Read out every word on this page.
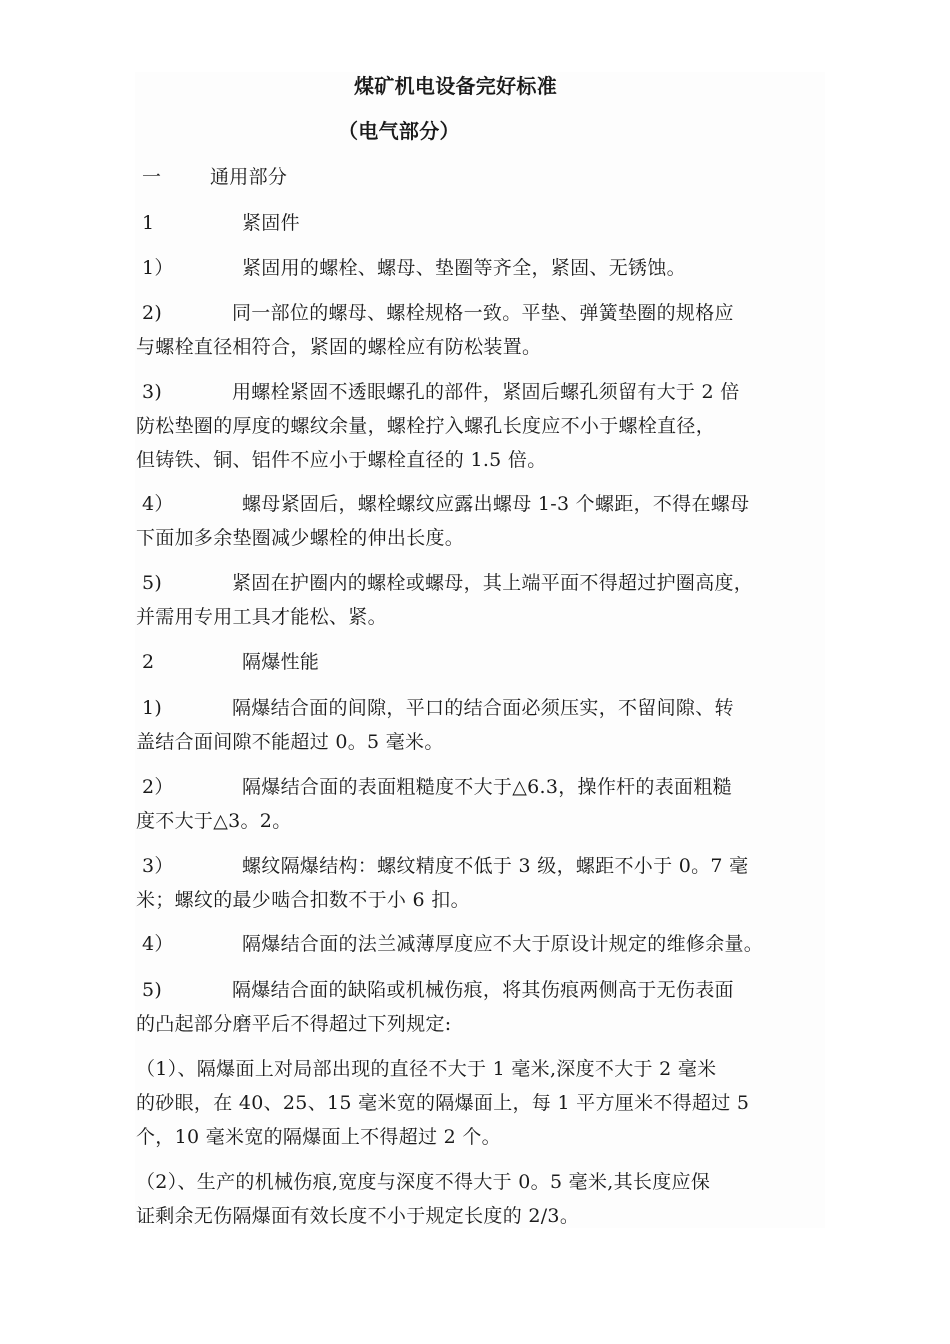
煤矿机电设备完好标准
（电气部分）
一	通用部分
1	紧固件
1）	紧固用的螺栓、螺母、垫圈等齐全，紧固、无锈蚀。
2)	同一部位的螺母、螺栓规格一致。平垫、弹簧垫圈的规格应
与螺栓直径相符合，紧固的螺栓应有防松装置。
3)	用螺栓紧固不透眼螺孔的部件，紧固后螺孔须留有大于 2 倍
防松垫圈的厚度的螺纹余量，螺栓拧入螺孔长度应不小于螺栓直径，
但铸铁、铜、铝件不应小于螺栓直径的 1.5 倍。
4）	螺母紧固后，螺栓螺纹应露出螺母 1-3 个螺距，不得在螺母
下面加多余垫圈减少螺栓的伸出长度。
5)	紧固在护圈内的螺栓或螺母，其上端平面不得超过护圈高度，
并需用专用工具才能松、紧。
2	隔爆性能
1)	隔爆结合面的间隙，平口的结合面必须压实，不留间隙、转
盖结合面间隙不能超过 0。5 毫米。
2）	隔爆结合面的表面粗糙度不大于△6.3，操作杆的表面粗糙
度不大于△3。2。
3）	螺纹隔爆结构：螺纹精度不低于 3 级，螺距不小于 0。7 毫
米；螺纹的最少啮合扣数不于小 6 扣。
4）	隔爆结合面的法兰减薄厚度应不大于原设计规定的维修余量。
5)	隔爆结合面的缺陷或机械伤痕，将其伤痕两侧高于无伤表面
的凸起部分磨平后不得超过下列规定:
（1）、隔爆面上对局部出现的直径不大于 1 毫米,深度不大于 2 毫米
的砂眼，在 40、25、15 毫米宽的隔爆面上，每 1 平方厘米不得超过 5
个，10 毫米宽的隔爆面上不得超过 2 个。
（2）、生产的机械伤痕,宽度与深度不得大于 0。5 毫米,其长度应保
证剩余无伤隔爆面有效长度不小于规定长度的 2/3。
